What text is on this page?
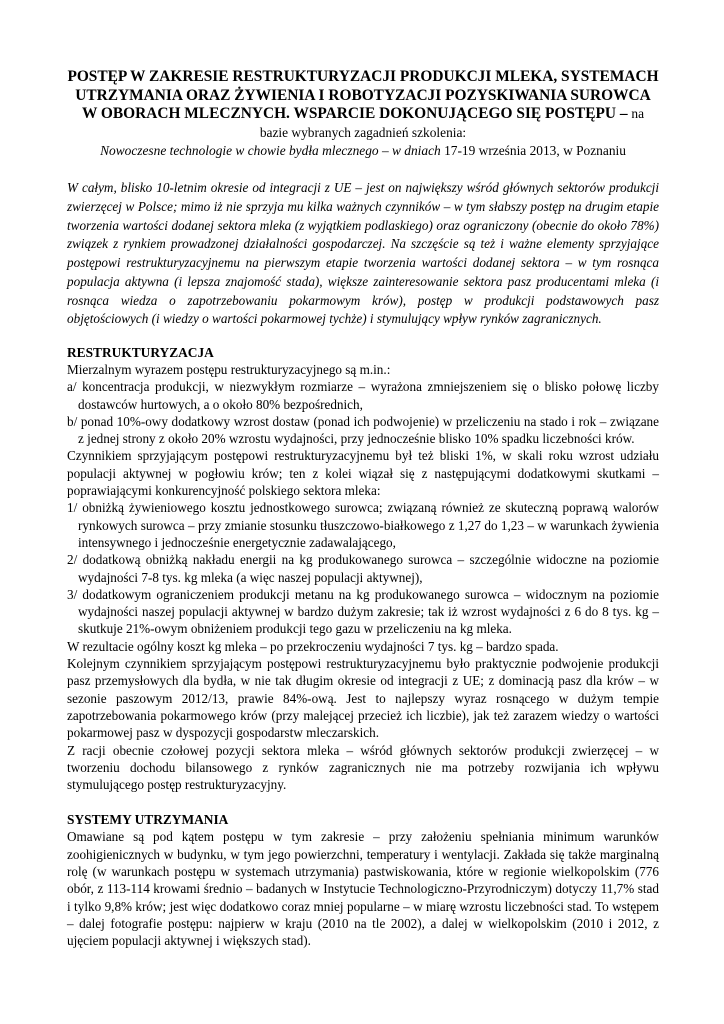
POSTĘP W ZAKRESIE RESTRUKTURYZACJI PRODUKCJI MLEKA, SYSTEMACH UTRZYMANIA ORAZ ŻYWIENIA I ROBOTYZACJI POZYSKIWANIA SUROWCA W OBORACH MLECZNYCH. WSPARCIE DOKONUJĄCEGO SIĘ POSTĘPU – na bazie wybranych zagadnień szkolenia:

Nowoczesne technologie w chowie bydła mlecznego – w dniach 17-19 września 2013, w Poznaniu

W całym, blisko 10-letnim okresie od integracji z UE – jest on największy wśród głównych sektorów produkcji zwierzęcej w Polsce; mimo iż nie sprzyja mu kilka ważnych czynników – w tym słabszy postęp na drugim etapie tworzenia wartości dodanej sektora mleka (z wyjątkiem podlaskiego) oraz ograniczony (obecnie do około 78%) związek z rynkiem prowadzonej działalności gospodarczej. Na szczęście są też i ważne elementy sprzyjające postępowi restrukturyzacyjnemu na pierwszym etapie tworzenia wartości dodanej sektora – w tym rosnąca populacja aktywna (i lepsza znajomość stada), większe zainteresowanie sektora pasz producentami mleka (i rosnąca wiedza o zapotrzebowaniu pokarmowym krów), postęp w produkcji podstawowych pasz objętościowych (i wiedzy o wartości pokarmowej tychże) i stymulujący wpływ rynków zagranicznych.
RESTRUKTURYZACJA

Mierzalnym wyrazem postępu restrukturyzacyjnego są m.in.:

a/ koncentracja produkcji, w niezwykłym rozmiarze – wyrażona zmniejszeniem się o blisko połowę liczby dostawców hurtowych, a o około 80% bezpośrednich,

b/ ponad 10%-owy dodatkowy wzrost dostaw (ponad ich podwojenie) w przeliczeniu na stado i rok – związane z jednej strony z około 20% wzrostu wydajności, przy jednocześnie blisko 10% spadku liczebności krów.

Czynnikiem sprzyjającym postępowi restrukturyzacyjnemu był też bliski 1%, w skali roku wzrost udziału populacji aktywnej w pogłowiu krów; ten z kolei wiązał się z następującymi dodatkowymi skutkami – poprawiającymi konkurencyjność polskiego sektora mleka:

1/ obniżką żywieniowego kosztu jednostkowego surowca; związaną również ze skuteczną poprawą walorów rynkowych surowca – przy zmianie stosunku tłuszczowo-białkowego z 1,27 do 1,23 – w warunkach żywienia intensywnego i jednocześnie energetycznie zadawalającego,

2/ dodatkową obniżką nakładu energii na kg produkowanego surowca – szczególnie widoczne na poziomie wydajności 7-8 tys. kg mleka (a więc naszej populacji aktywnej),

3/ dodatkowym ograniczeniem produkcji metanu na kg produkowanego surowca – widocznym na poziomie wydajności naszej populacji aktywnej w bardzo dużym zakresie; tak iż wzrost wydajności z 6 do 8 tys. kg – skutkuje 21%-owym obniżeniem produkcji tego gazu w przeliczeniu na kg mleka.

W rezultacie ogólny koszt kg mleka – po przekroczeniu wydajności 7 tys. kg – bardzo spada.

Kolejnym czynnikiem sprzyjającym postępowi restrukturyzacyjnemu było praktycznie podwojenie produkcji pasz przemysłowych dla bydła, w nie tak długim okresie od integracji z UE; z dominacją pasz dla krów – w sezonie paszowym 2012/13, prawie 84%-ową. Jest to najlepszy wyraz rosnącego w dużym tempie zapotrzebowania pokarmowego krów (przy malejącej przecież ich liczbie), jak też zarazem wiedzy o wartości pokarmowej pasz w dyspozycji gospodarstw mleczarskich.

Z racji obecnie czołowej pozycji sektora mleka – wśród głównych sektorów produkcji zwierzęcej – w tworzeniu dochodu bilansowego z rynków zagranicznych nie ma potrzeby rozwijania ich wpływu stymulującego postęp restrukturyzacyjny.

SYSTEMY UTRZYMANIA

Omawiane są pod kątem postępu w tym zakresie – przy założeniu spełniania minimum warunków zoohigienicznych w budynku, w tym jego powierzchni, temperatury i wentylacji. Zakłada się także marginalną rolę (w warunkach postępu w systemach utrzymania) pastwiskowania, które w regionie wielkopolskim (776 obór, z 113-114 krowami średnio – badanych w Instytucie Technologiczno-Przyrodniczym) dotyczy 11,7% stad i tylko 9,8% krów; jest więc dodatkowo coraz mniej popularne – w miarę wzrostu liczebności stad. To wstępem – dalej fotografie postępu: najpierw w kraju (2010 na tle 2002), a dalej w wielkopolskim (2010 i 2012, z ujęciem populacji aktywnej i większych stad).
